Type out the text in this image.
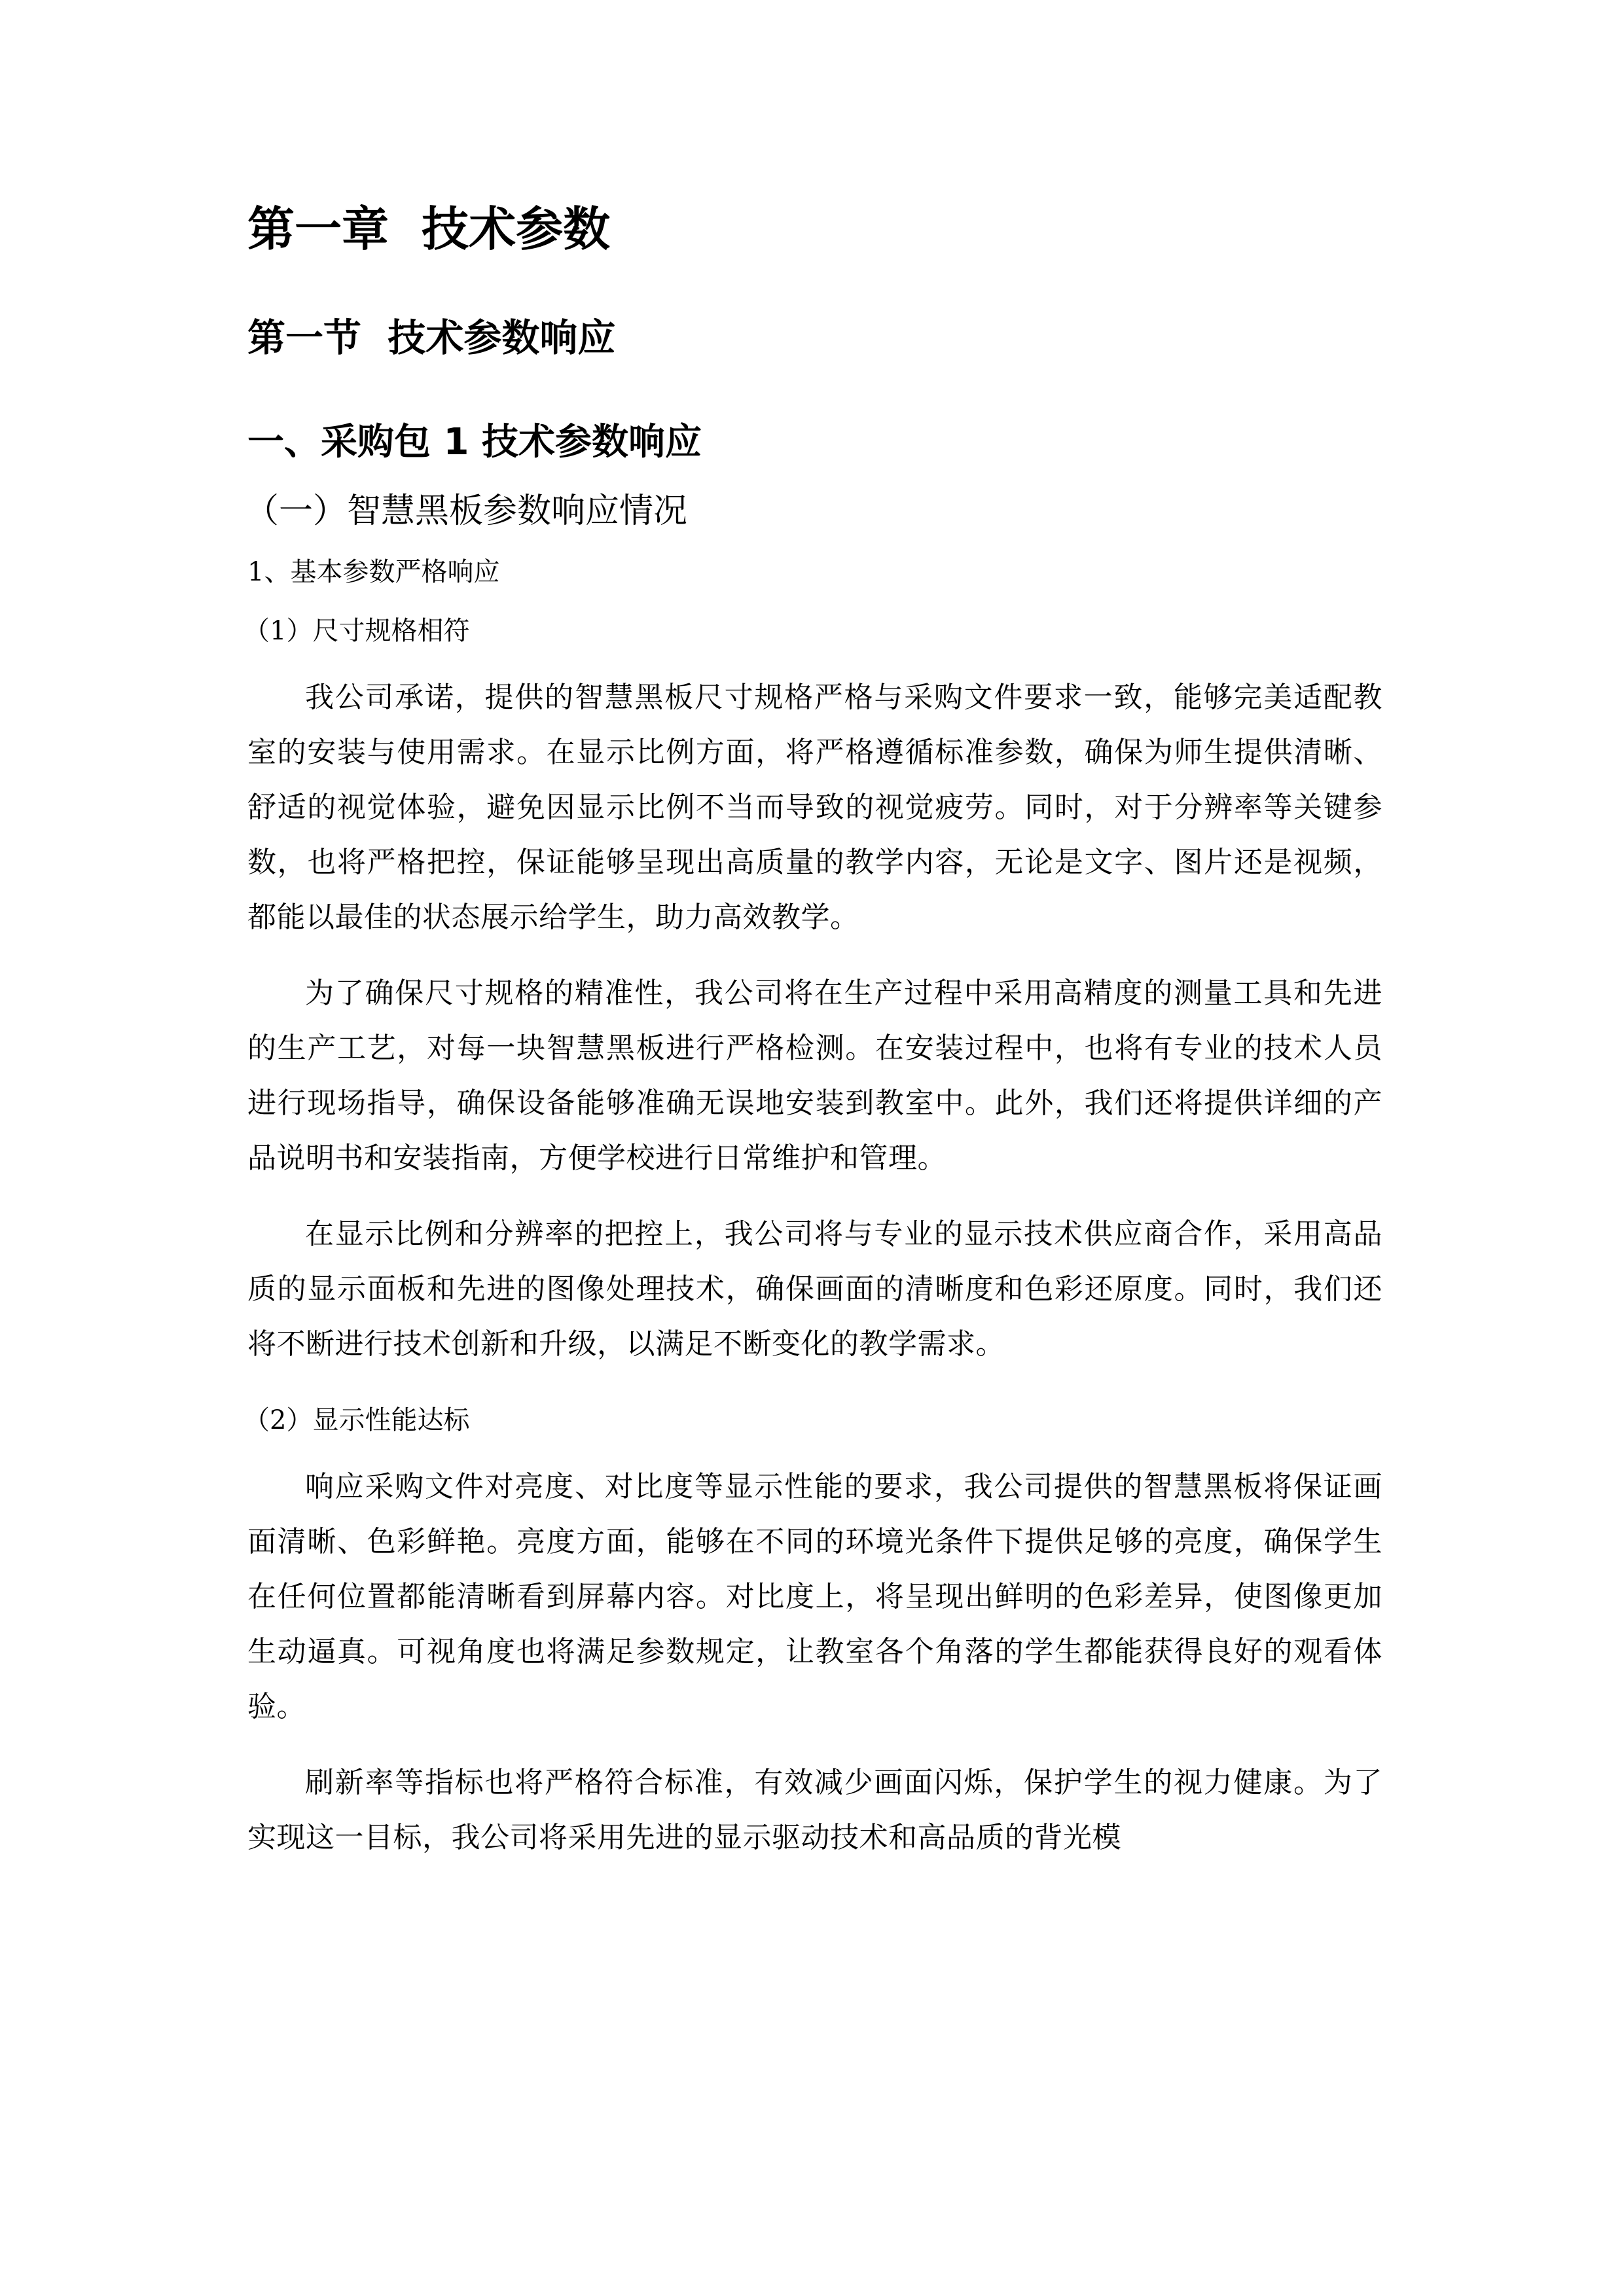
第一章  技术参数
第一节  技术参数响应
一、采购包 1 技术参数响应
（一）智慧黑板参数响应情况
1、基本参数严格响应
（1）尺寸规格相符

我公司承诺，提供的智慧黑板尺寸规格严格与采购文件要求一致，能够完美适配教室的安装与使用需求。在显示比例方面，将严格遵循标准参数，确保为师生提供清晰、舒适的视觉体验，避免因显示比例不当而导致的视觉疲劳。同时，对于分辨率等关键参数，也将严格把控，保证能够呈现出高质量的教学内容，无论是文字、图片还是视频，都能以最佳的状态展示给学生，助力高效教学。

为了确保尺寸规格的精准性，我公司将在生产过程中采用高精度的测量工具和先进的生产工艺，对每一块智慧黑板进行严格检测。在安装过程中，也将有专业的技术人员进行现场指导，确保设备能够准确无误地安装到教室中。此外，我们还将提供详细的产品说明书和安装指南，方便学校进行日常维护和管理。

在显示比例和分辨率的把控上，我公司将与专业的显示技术供应商合作，采用高品质的显示面板和先进的图像处理技术，确保画面的清晰度和色彩还原度。同时，我们还将不断进行技术创新和升级，以满足不断变化的教学需求。

（2）显示性能达标

响应采购文件对亮度、对比度等显示性能的要求，我公司提供的智慧黑板将保证画面清晰、色彩鲜艳。亮度方面，能够在不同的环境光条件下提供足够的亮度，确保学生在任何位置都能清晰看到屏幕内容。对比度上，将呈现出鲜明的色彩差异，使图像更加生动逼真。可视角度也将满足参数规定，让教室各个角落的学生都能获得良好的观看体验。

刷新率等指标也将严格符合标准，有效减少画面闪烁，保护学生的视力健康。为了实现这一目标，我公司将采用先进的显示驱动技术和高品质的背光模
